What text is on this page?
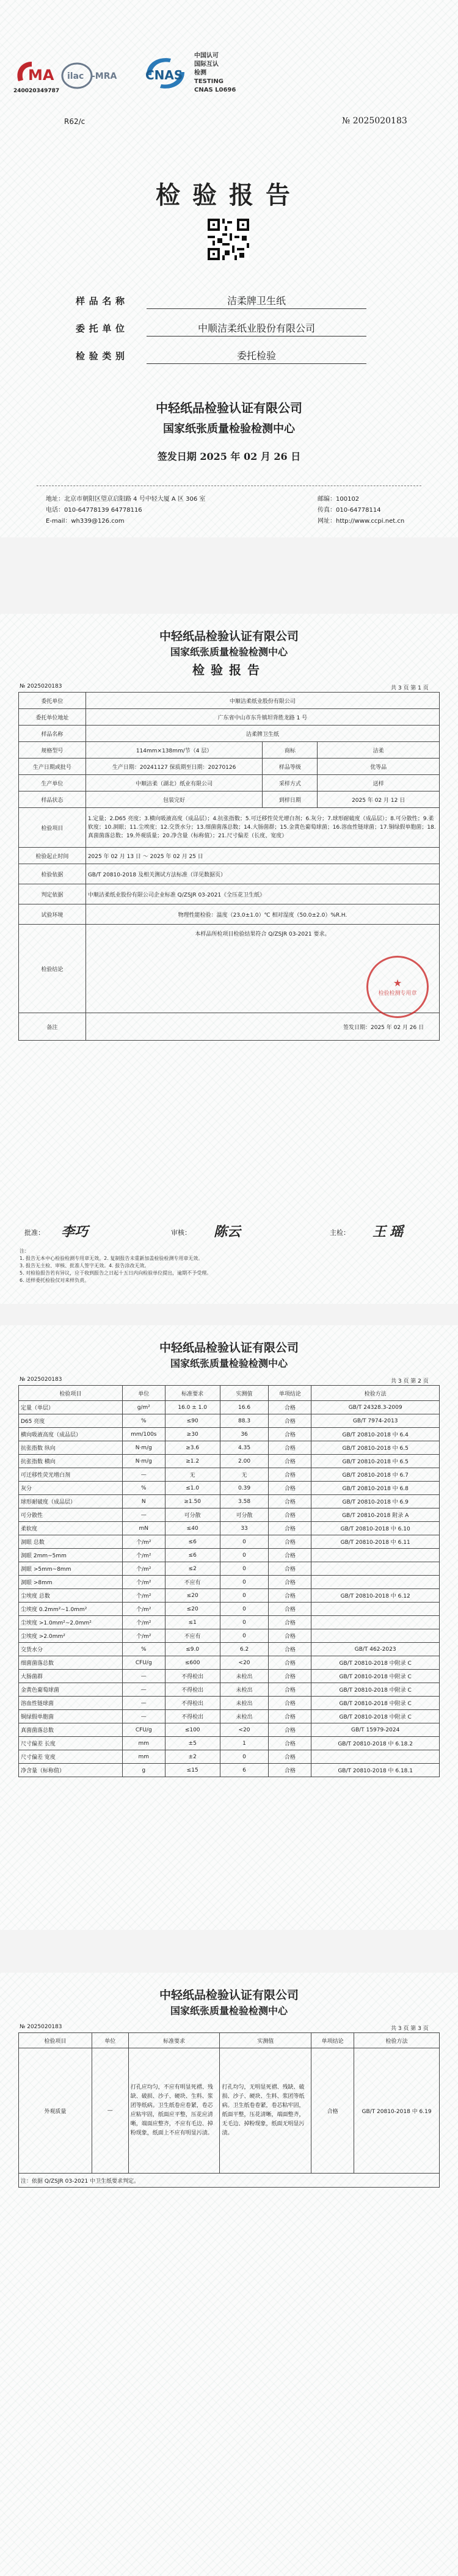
MA
240020349787
ilac -MRA CNAS
中国认可
国际互认
检测
TESTING
CNAS L0696
R62/c	№ 2025020183
检验报告
样品名称	洁柔牌卫生纸
委托单位	中顺洁柔纸业股份有限公司
检验类别	委托检验
中轻纸品检验认证有限公司
国家纸张质量检验检测中心
签发日期 2025 年 02 月 26 日
地址：北京市朝阳区望京启阳路 4 号中轻大厦 A 区 306 室	邮编：100102
电话：010-64778139 64778116	传真：010-64778114
E-mail：wh339@126.com	网址：http://www.ccpi.net.cn
中轻纸品检验认证有限公司
国家纸张质量检验检测中心
检验报告
№ 2025020183	共 3 页 第 1 页
委托单位	中顺洁柔纸业股份有限公司		
委托单位地址	广东省中山市东升镇坦背胜龙路 1 号		
样品名称	洁柔牌卫生纸		
规格型号	114mm×138mm/节（4 层）	商标	洁柔
生产日期或批号	生产日期：20241127 保质期至日期：20270126	样品等级	优等品
生产单位	中顺洁柔（湖北）纸业有限公司	采样方式	送样
样品状态	包装完好	到样日期	2025 年 02 月 12 日
检验项目	1.定量；2.D65 亮度；3.横向吸液高度（成品层）；4.抗张指数；5.可迁移性荧光增白剂；6.灰分；7.球形耐破度（成品层）；8.可分散性；9.柔软度；10.洞眼；11.尘埃度；12.交货水分；13.细菌菌落总数；14.大肠菌群；15.金黄色葡萄球菌；16.溶血性链球菌；17.铜绿假单胞菌；18.真菌菌落总数；19.外观质量；20.净含量（标称值）；21.尺寸偏差（长度、宽度）		
检验起止时间	2025 年 02 月 13 日 ～ 2025 年 02 月 25 日		
检验依据	GB/T 20810-2018 及相关测试方法标准（详见数据页）		
判定依据	中顺洁柔纸业股份有限公司企业标准 Q/ZSJR 03-2021《全压花卫生纸》		
试验环境	物理性能检验：温度（23.0±1.0）℃ 相对湿度（50.0±2.0）%R.H.		
检验结论	本样品所检项目检验结果符合 Q/ZSJR 03-2021 要求。		
备注			
★
检验检测专用章
签发日期：2025 年 02 月 26 日
批准： 李巧	审核： 陈云	主检： 王瑶
注：
1. 报告无本中心检验检测专用章无效。2. 复制报告未重新加盖检验检测专用章无效。
3. 报告无主检、审核、批准人签字无效。4. 报告涂改无效。
5. 对检验报告若有异议，应于收到报告之日起十五日内向检验单位提出，逾期不予受理。
6. 送样委托检验仅对来样负责。
中轻纸品检验认证有限公司
国家纸张质量检验检测中心
№ 2025020183	共 3 页 第 2 页
检验项目	单位	标准要求	实测值	单项结论	检验方法
定量（单层）	g/m²	16.0 ± 1.0	16.6	合格	GB/T 24328.3-2009
D65 亮度	%	≤90	88.3	合格	GB/T 7974-2013
横向吸液高度（成品层）	mm/100s	≥30	36	合格	GB/T 20810-2018 中 6.4
抗张指数 纵向	N·m/g	≥3.6	4.35	合格	GB/T 20810-2018 中 6.5
抗张指数 横向	N·m/g	≥1.2	2.00	合格	GB/T 20810-2018 中 6.5
可迁移性荧光增白剂	—	无	无	合格	GB/T 20810-2018 中 6.7
灰分	%	≤1.0	0.39	合格	GB/T 20810-2018 中 6.8
球形耐破度（成品层）	N	≥1.50	3.58	合格	GB/T 20810-2018 中 6.9
可分散性	—	可分散	可分散	合格	GB/T 20810-2018 附录 A
柔软度	mN	≤40	33	合格	GB/T 20810-2018 中 6.10
洞眼 总数	个/m²	≤6	0	合格	GB/T 20810-2018 中 6.11
洞眼 2mm~5mm	个/m²	≤6	0	合格	
洞眼 >5mm~8mm	个/m²	≤2	0	合格	
洞眼 >8mm	个/m²	不应有	0	合格	
尘埃度 总数	个/m²	≤20	0	合格	GB/T 20810-2018 中 6.12
尘埃度 0.2mm²~1.0mm²	个/m²	≤20	0	合格	
尘埃度 >1.0mm²~2.0mm²	个/m²	≤1	0	合格	
尘埃度 >2.0mm²	个/m²	不应有	0	合格	
交货水分	%	≤9.0	6.2	合格	GB/T 462-2023
细菌菌落总数	CFU/g	≤600	<20	合格	GB/T 20810-2018 中附录 C
大肠菌群	—	不得检出	未检出	合格	GB/T 20810-2018 中附录 C
金黄色葡萄球菌	—	不得检出	未检出	合格	GB/T 20810-2018 中附录 C
溶血性链球菌	—	不得检出	未检出	合格	GB/T 20810-2018 中附录 C
铜绿假单胞菌	—	不得检出	未检出	合格	GB/T 20810-2018 中附录 C
真菌菌落总数	CFU/g	≤100	<20	合格	GB/T 15979-2024
尺寸偏差 长度	mm	±5	1	合格	GB/T 20810-2018 中 6.18.2
尺寸偏差 宽度	mm	±2	0	合格	
净含量（标称值）	g	≤15	6	合格	GB/T 20810-2018 中 6.18.1
中轻纸品检验认证有限公司
国家纸张质量检验检测中心
№ 2025020183	共 3 页 第 3 页
检验项目	单位	标准要求	实测值	单项结论	检验方法
外观质量	—	打孔应均匀，不应有明显死褶、残缺、破损、沙子、硬块、生料、浆团等纸病。卫生纸卷应卷紧，卷芯应粘牢固，纸面应平整，压花应清晰，端面应整齐，不应有毛边、掉粉现象，纸面上不应有明显污渍。	打孔均匀，无明显死褶、残缺、破损、沙子、硬块、生料、浆团等纸病。卫生纸卷卷紧，卷芯粘牢固，纸面平整，压花清晰，端面整齐，无毛边、掉粉现象，纸面无明显污渍。	合格	GB/T 20810-2018 中 6.19
注：依据 Q/ZSJR 03-2021 中卫生纸要求判定。					
